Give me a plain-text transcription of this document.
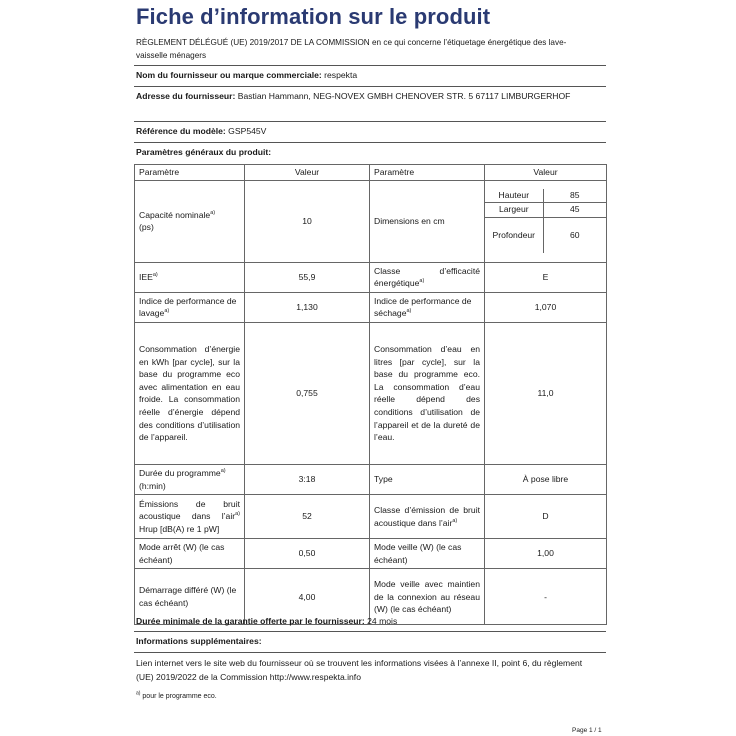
Fiche d’information sur le produit
RÈGLEMENT DÉLÉGUÉ (UE) 2019/2017 DE LA COMMISSION en ce qui concerne l’étiquetage énergétique des lave-vaisselle ménagers
Nom du fournisseur ou marque commerciale: respekta
Adresse du fournisseur: Bastian Hammann, NEG-NOVEX GMBH CHENOVER STR. 5 67117 LIMBURGERHOF
Référence du modèle: GSP545V
Paramètres généraux du produit:
Paramètre	Valeur	Paramètre	Valeur
Capacité nominale$^{a)}$
(ps)	10	Dimensions en cm	
Hauteur	85
Largeur	45
Profondeur	60

IEE$^{a)}$	55,9	Classe d’efficacité énergétique$^{a)}$	E
Indice de performance de lavage$^{a)}$	1,130	Indice de performance de séchage$^{a)}$	1,070
Consommation d’énergie en kWh [par cycle], sur la base du programme eco avec alimentation en eau froide. La consommation réelle d’énergie dépend des conditions d’utilisation de l’appareil.	0,755	Consommation d’eau en litres [par cycle], sur la base du programme eco. La consommation d’eau réelle dépend des conditions d’utilisation de l’appareil et de la dureté de l’eau.	11,0
Durée du programme$^{a)}$
(h:min)	3:18	Type	À pose libre
Émissions de bruit acoustique dans l’air$^{a)}$ Hrup [dB(A) re 1 pW]	52	Classe d’émission de bruit acoustique dans l’air$^{a)}$	D
Mode arrêt (W) (le cas échéant)	0,50	Mode veille (W) (le cas échéant)	1,00
Démarrage différé (W) (le cas échéant)	4,00	Mode veille avec maintien de la connexion au réseau (W) (le cas échéant)	-
Durée minimale de la garantie offerte par le fournisseur: 24 mois
Informations supplémentaires:
Lien internet vers le site web du fournisseur où se trouvent les informations visées à l’annexe II, point 6, du règlement (UE) 2019/2022 de la Commission http://www.respekta.info
$^{a)}$ pour le programme eco.
Page 1 / 1
